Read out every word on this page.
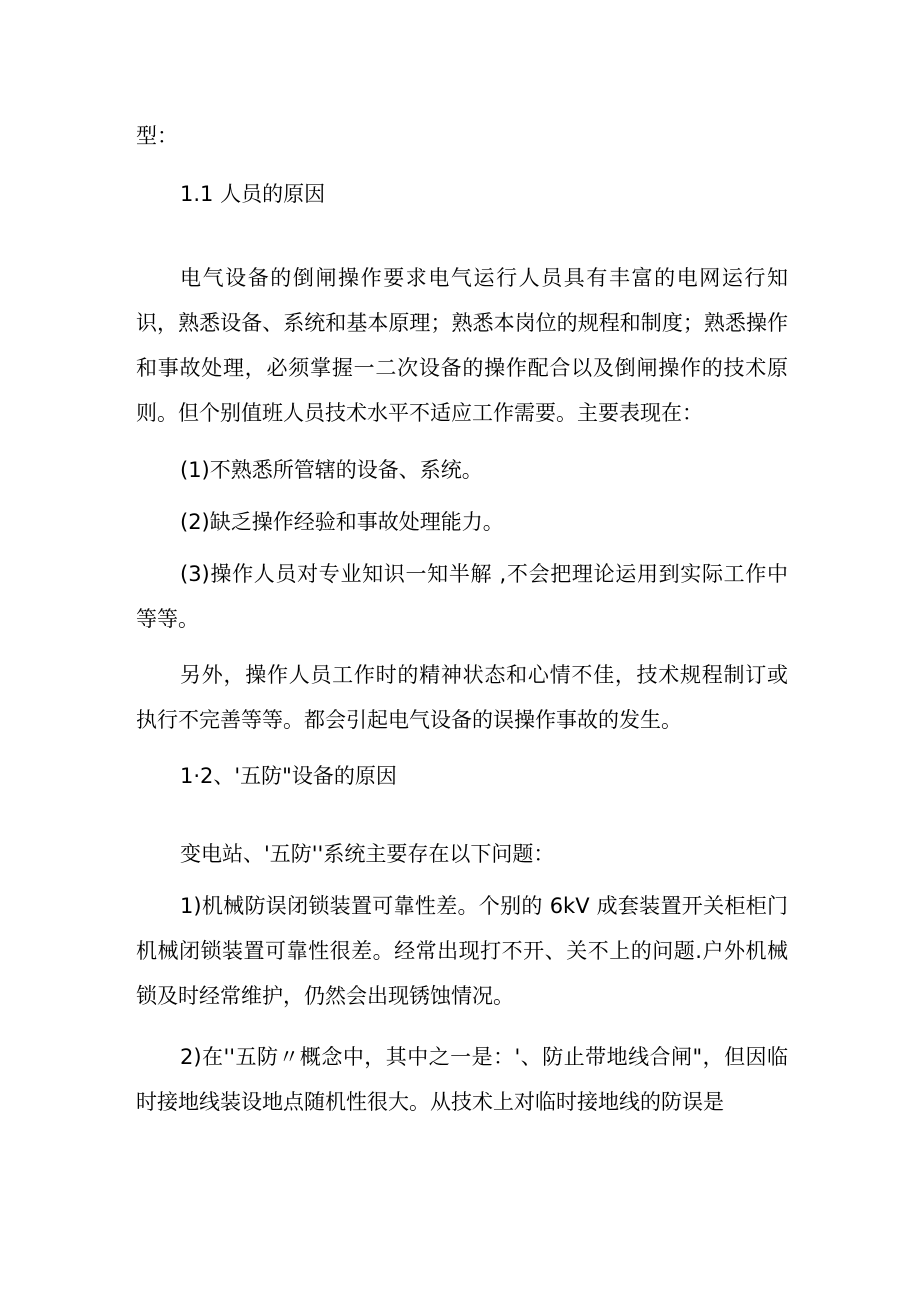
型：
1.1 人员的原因
电气设备的倒闸操作要求电气运行人员具有丰富的电网运行知识，熟悉设备、系统和基本原理；熟悉本岗位的规程和制度；熟悉操作和事故处理，必须掌握一二次设备的操作配合以及倒闸操作的技术原则。但个别值班人员技术水平不适应工作需要。主要表现在：
(1)不熟悉所管辖的设备、系统。
(2)缺乏操作经验和事故处理能力。
(3)操作人员对专业知识一知半解 ,不会把理论运用到实际工作中等等。
另外，操作人员工作时的精神状态和心情不佳，技术规程制订或执行不完善等等。都会引起电气设备的误操作事故的发生。
1·2、'五防"设备的原因
变电站、'五防''系统主要存在以下问题：
1)机械防误闭锁装置可靠性差。个别的 6kV 成套装置开关柜柜门机械闭锁装置可靠性很差。经常出现打不开、关不上的问题.户外机械锁及时经常维护，仍然会出现锈蚀情况。
2)在''五防〃概念中，其中之一是：'、防止带地线合闸"，但因临时接地线装设地点随机性很大。从技术上对临时接地线的防误是
